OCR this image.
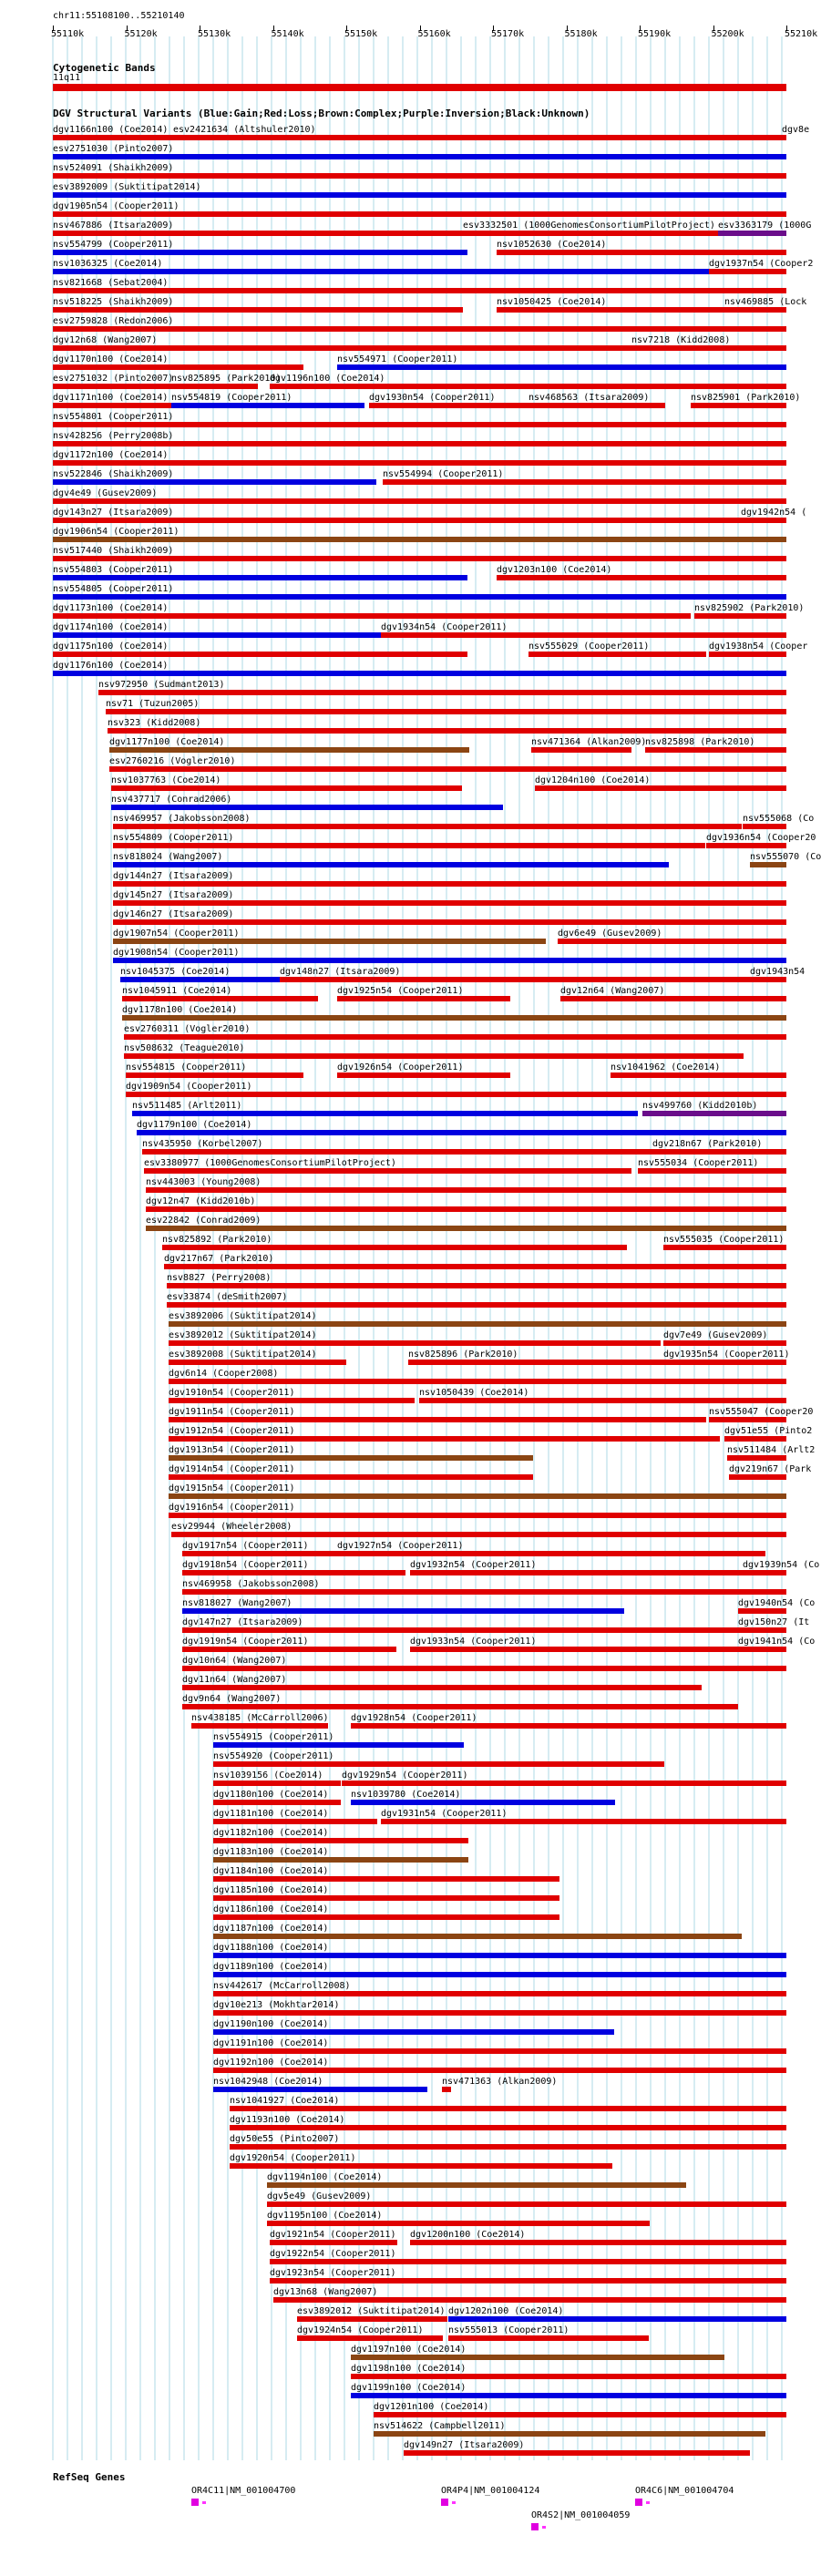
chr11:55108100..55210140
55110k	55120k	55130k	55140k	55150k	55160k	55170k	55180k	55190k	55200k	55210k
Cytogenetic Bands
11q11
DGV Structural Variants (Blue:Gain;Red:Loss;Brown:Complex;Purple:Inversion;Black:Unknown)
dgv1166n100 (Coe2014) esv2421634 (Altshuler2010)	dgv8e
esv2751030 (Pinto2007)
nsv524091 (Shaikh2009)
esv3892009 (Suktitipat2014)
dgv1905n54 (Cooper2011)
nsv467886 (Itsara2009)	esv3332501 (1000GenomesConsortiumPilotProject) esv3363179 (1000G
nsv554799 (Cooper2011)	nsv1052630 (Coe2014)
nsv1036325 (Coe2014)	dgv1937n54 (Cooper2
nsv821668 (Sebat2004)
nsv518225 (Shaikh2009)	nsv1050425 (Coe2014)	nsv469885 (Lock
esv2759828 (Redon2006)
dgv12n68 (Wang2007)	nsv7218 (Kidd2008)
dgv1170n100 (Coe2014)	nsv554971 (Cooper2011)
esv2751032 (Pinto2007)
nsv825895 (Park2010)
dgv1196n100 (Coe2014)
dgv1171n100 (Coe2014) nsv554819 (Cooper2011)	dgv1930n54 (Cooper2011)	nsv468563 (Itsara2009)	nsv825901 (Park2010)
nsv554801 (Cooper2011)
nsv428256 (Perry2008b)
dgv1172n100 (Coe2014)
nsv522846 (Shaikh2009)	nsv554994 (Cooper2011)
dgv4e49 (Gusev2009)
dgv143n27 (Itsara2009)	dgv1942n54 (
dgv1906n54 (Cooper2011)
nsv517440 (Shaikh2009)
nsv554803 (Cooper2011)	dgv1203n100 (Coe2014)
nsv554805 (Cooper2011)
dgv1173n100 (Coe2014)	nsv825902 (Park2010)
dgv1174n100 (Coe2014)	dgv1934n54 (Cooper2011)
dgv1175n100 (Coe2014)	nsv555029 (Cooper2011)	dgv1938n54 (Cooper
dgv1176n100 (Coe2014)
nsv972950 (Sudmant2013)
nsv71 (Tuzun2005)
nsv323 (Kidd2008)
dgv1177n100 (Coe2014)	nsv471364 (Alkan2009)
nsv825898 (Park2010)
esv2760216 (Vogler2010)
nsv1037763 (Coe2014)	dgv1204n100 (Coe2014)
nsv437717 (Conrad2006)
nsv469957 (Jakobsson2008)	nsv555068 (Co
nsv554809 (Cooper2011)	dgv1936n54 (Cooper20
nsv818024 (Wang2007)	nsv555070 (Co
dgv144n27 (Itsara2009)
dgv145n27 (Itsara2009)
dgv146n27 (Itsara2009)
dgv1907n54 (Cooper2011)	dgv6e49 (Gusev2009)
dgv1908n54 (Cooper2011)
nsv1045375 (Coe2014)	dgv148n27 (Itsara2009)	dgv1943n54
nsv1045911 (Coe2014)	dgv1925n54 (Cooper2011)	dgv12n64 (Wang2007)
dgv1178n100 (Coe2014)
esv2760311 (Vogler2010)
nsv508632 (Teague2010)
nsv554815 (Cooper2011)	dgv1926n54 (Cooper2011)	nsv1041962 (Coe2014)
dgv1909n54 (Cooper2011)
nsv511485 (Arlt2011)	nsv499760 (Kidd2010b)
dgv1179n100 (Coe2014)
nsv435950 (Korbel2007)	dgv218n67 (Park2010)
esv3380977 (1000GenomesConsortiumPilotProject)	nsv555034 (Cooper2011)
nsv443003 (Young2008)
dgv12n47 (Kidd2010b)
esv22842 (Conrad2009)
nsv825892 (Park2010)	nsv555035 (Cooper2011)
dgv217n67 (Park2010)
nsv8827 (Perry2008)
esv33874 (deSmith2007)
esv3892006 (Suktitipat2014)
esv3892012 (Suktitipat2014)	dgv7e49 (Gusev2009)
esv3892008 (Suktitipat2014)	nsv825896 (Park2010)	dgv1935n54 (Cooper2011)
dgv6n14 (Cooper2008)
dgv1910n54 (Cooper2011)	nsv1050439 (Coe2014)
dgv1911n54 (Cooper2011)	nsv555047 (Cooper20
dgv1912n54 (Cooper2011)	dgv51e55 (Pinto2
dgv1913n54 (Cooper2011)	nsv511484 (Arlt2
dgv1914n54 (Cooper2011)	dgv219n67 (Park
dgv1915n54 (Cooper2011)
dgv1916n54 (Cooper2011)
esv29944 (Wheeler2008)
dgv1917n54 (Cooper2011)	dgv1927n54 (Cooper2011)
dgv1918n54 (Cooper2011)	dgv1932n54 (Cooper2011)	dgv1939n54 (Co
nsv469958 (Jakobsson2008)
nsv818027 (Wang2007)	dgv1940n54 (Co
dgv147n27 (Itsara2009)	dgv150n27 (It
dgv1919n54 (Cooper2011)	dgv1933n54 (Cooper2011)	dgv1941n54 (Co
dgv10n64 (Wang2007)
dgv11n64 (Wang2007)
dgv9n64 (Wang2007)
nsv438185 (McCarroll2006) dgv1928n54 (Cooper2011)
nsv554915 (Cooper2011)
nsv554920 (Cooper2011)
nsv1039156 (Coe2014) dgv1929n54 (Cooper2011)
dgv1180n100 (Coe2014) nsv1039780 (Coe2014)
dgv1181n100 (Coe2014)	dgv1931n54 (Cooper2011)
dgv1182n100 (Coe2014)
dgv1183n100 (Coe2014)
dgv1184n100 (Coe2014)
dgv1185n100 (Coe2014)
dgv1186n100 (Coe2014)
dgv1187n100 (Coe2014)
dgv1188n100 (Coe2014)
dgv1189n100 (Coe2014)
nsv442617 (McCarroll2008)
dgv10e213 (Mokhtar2014)
dgv1190n100 (Coe2014)
dgv1191n100 (Coe2014)
dgv1192n100 (Coe2014)
nsv1042948 (Coe2014)	nsv471363 (Alkan2009)
nsv1041927 (Coe2014)
dgv1193n100 (Coe2014)
dgv50e55 (Pinto2007)
dgv1920n54 (Cooper2011)
dgv1194n100 (Coe2014)
dgv5e49 (Gusev2009)
dgv1195n100 (Coe2014)
dgv1921n54 (Cooper2011) dgv1200n100 (Coe2014)
dgv1922n54 (Cooper2011)
dgv1923n54 (Cooper2011)
dgv13n68 (Wang2007)
esv3892012 (Suktitipat2014) dgv1202n100 (Coe2014)
dgv1924n54 (Cooper2011)	nsv555013 (Cooper2011)
dgv1197n100 (Coe2014)
dgv1198n100 (Coe2014)
dgv1199n100 (Coe2014)
dgv1201n100 (Coe2014)
nsv514622 (Campbell2011)
dgv149n27 (Itsara2009)
RefSeq Genes
OR4C11|NM_001004700	OR4P4|NM_001004124	OR4C6|NM_001004704
OR4S2|NM_001004059
